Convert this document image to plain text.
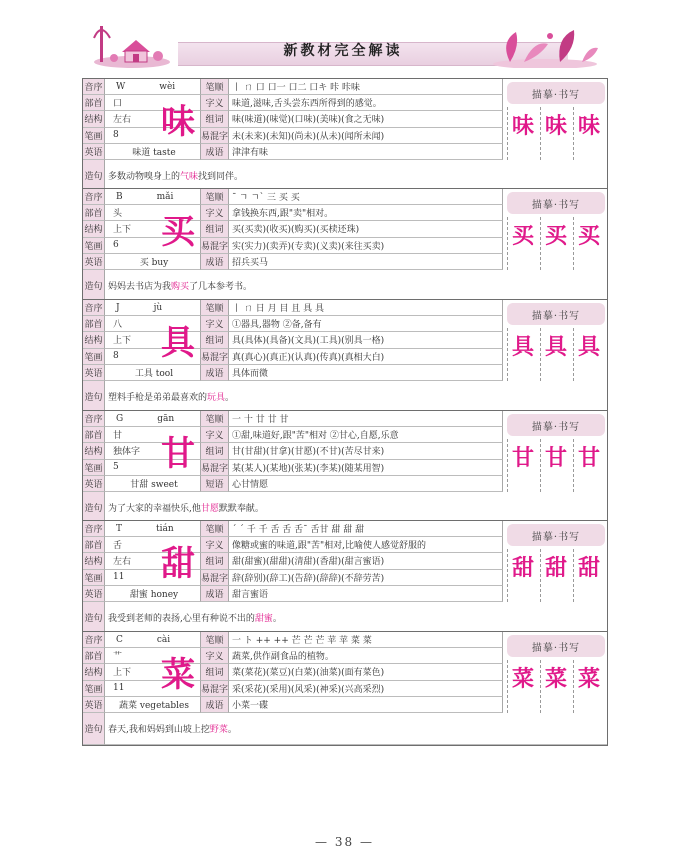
新教材完全解读
音序 W	wèi
部首	口
结构	左右
笔画	8
英语	味道 taste
笔顺 丨 ㄇ 口 口一 口二 口キ 咔 咔味
字义 味道,滋味,舌头尝东西所得到的感觉。
组词 味(味道)(味觉)(口味)(美味)(食之无味)
易混字 未(未来)(未知)(尚未)(从未)(闻所未闻)
成语 津津有味
味
造句 多数动物嗅身上的 气味 找到同伴。
描摹·书写
味 味 味
音序 B	mǎi
部首	头
结构	上下
笔画	6
英语	买 buy
笔顺 ˉ ㄱ ㄱˋ 三 买 买
字义 拿钱换东西,跟"卖"相对。
组词 买(买卖)(收买)(购买)(买椟还珠)
易混字 实(实力)(卖弄)(专卖)(义卖)(来往买卖)
成语 招兵买马
买
造句 妈妈去书店为我 购买 了几本参考书。
描摹·书写
买 买 买
音序 J	jù
部首	八
结构	上下
笔画	8
英语	工具 tool
笔顺 丨 ㄇ 日 月 目 且 具 具
字义 ①器具,器物 ②备,备有
组词 具(具体)(具备)(文具)(工具)(别具一格)
易混字 真(真心)(真正)(认真)(传真)(真相大白)
成语 具体而微
具
造句 塑料手枪是弟弟最喜欢的 玩具 。
描摹·书写
具 具 具
音序 G	gān
部首	甘
结构	独体字
笔画	5
英语	甘甜 sweet
笔顺 一 十 廿 廿 甘
字义 ①甜,味道好,跟"苦"相对 ②甘心,自愿,乐意
组词 甘(甘甜)(甘拿)(甘愿)(不甘)(苦尽甘来)
易混字 某(某人)(某地)(张某)(李某)(随某用智)
短语 心甘情愿
甘
造句 为了大家的幸福快乐,他 甘愿 默默奉献。
描摹·书写
甘 甘 甘
音序 T	tián
部首	舌
结构	左右
笔画	11
英语	甜蜜 honey
笔顺 ˊ ˊ 千 千 舌 舌 舌ˉ 舌甘 甜 甜 甜
字义 像糖或蜜的味道,跟"苦"相对,比喻使人感觉舒服的
组词 甜(甜蜜)(甜甜)(清甜)(香甜)(甜言蜜语)
易混字 辞(辞别)(辞工)(告辞)(辞辞)(不辞劳苦)
成语 甜言蜜语
甜
造句 我受到老师的表扬,心里有种说不出的 甜蜜 。
描摹·书写
甜 甜 甜
音序 C	cài
部首	艹
结构	上下
笔画	11
英语	蔬菜 vegetables
笔顺 一 ト ++ ++ 芒 芒 芒 苹 苹 菜 菜
字义 蔬菜,供作副食品的植物。
组词 菜(菜花)(菜豆)(白菜)(油菜)(面有菜色)
易混字 采(采花)(采用)(风采)(神采)(兴高采烈)
成语 小菜一碟
菜
造句 春天,我和妈妈到山坡上挖 野菜 。
描摹·书写
菜 菜 菜
— 38 —
